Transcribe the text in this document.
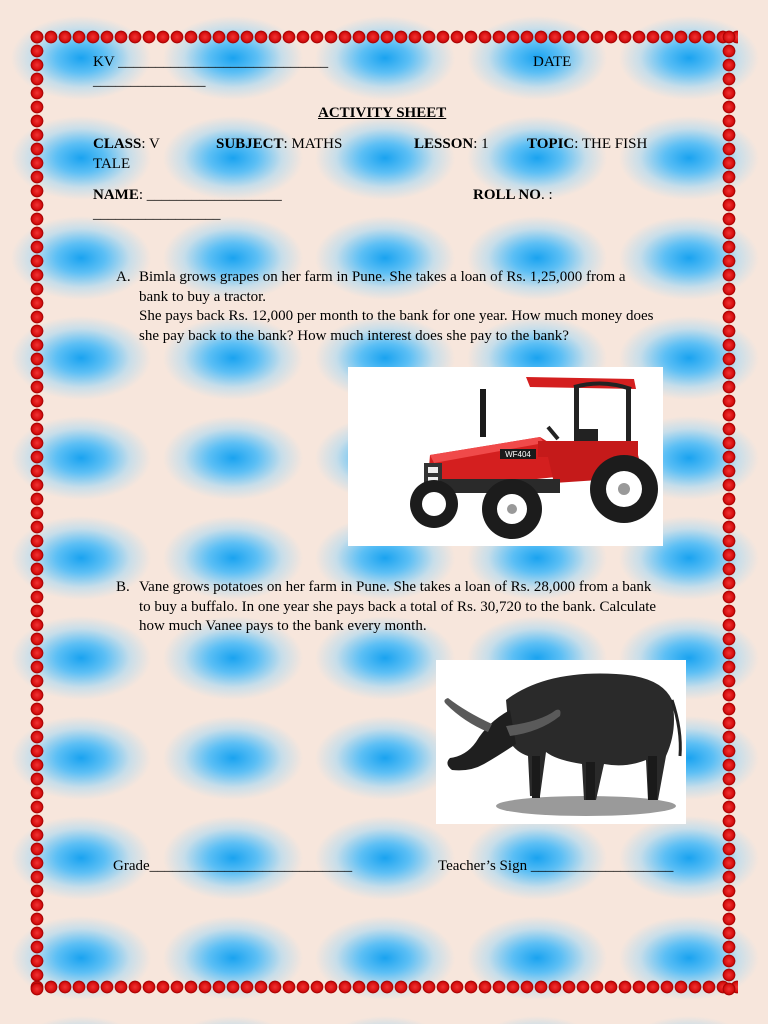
KV ____________________________	DATE
_______________
ACTIVITY SHEET
CLASS: V	SUBJECT: MATHS	LESSON: 1	TOPIC: THE FISH
TALE
NAME: __________________	ROLL NO. :
_________________
A. Bimla grows grapes on her farm in Pune. She takes a loan of Rs. 1,25,000 from a
bank to buy a tractor.
She pays back Rs. 12,000 per month to the bank for one year. How much money does
she pay back to the bank? How much interest does she pay to the bank?
WF404
B. Vane grows potatoes on her farm in Pune. She takes a loan of Rs. 28,000 from a bank
to buy a buffalo. In one year she pays back a total of Rs. 30,720 to the bank. Calculate
how much Vanee pays to the bank every month.
Grade___________________________	Teacher’s Sign ___________________
